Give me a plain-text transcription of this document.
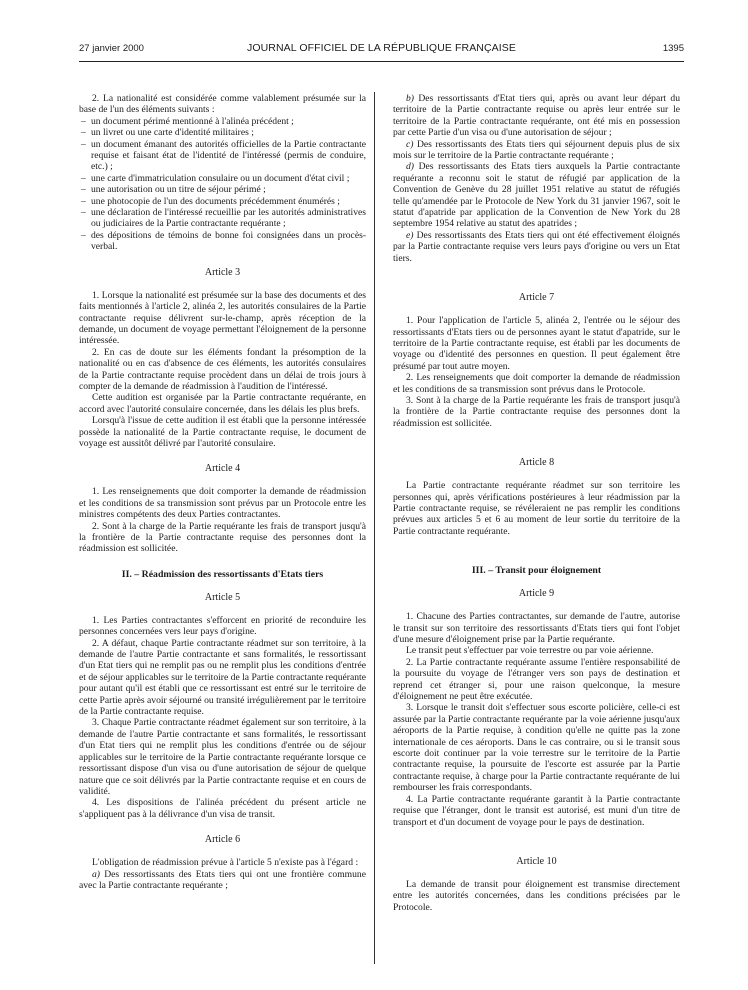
27 janvier 2000	JOURNAL OFFICIEL DE LA RÉPUBLIQUE FRANÇAISE	1395

2. La nationalité est considérée comme valablement présumée sur la base de l'un des éléments suivants :

– un document périmé mentionné à l'alinéa précédent ;

– un livret ou une carte d'identité militaires ;

– un document émanant des autorités officielles de la Partie contractante requise et faisant état de l'identité de l'intéressé (permis de conduire, etc.) ;

– une carte d'immatriculation consulaire ou un document d'état civil ;

– une autorisation ou un titre de séjour périmé ;

– une photocopie de l'un des documents précédemment énumérés ;

– une déclaration de l'intéressé recueillie par les autorités administratives ou judiciaires de la Partie contractante requérante ;

– des dépositions de témoins de bonne foi consignées dans un procès-verbal.

Article 3

1. Lorsque la nationalité est présumée sur la base des documents et des faits mentionnés à l'article 2, alinéa 2, les autorités consulaires de la Partie contractante requise délivrent sur-le-champ, après réception de la demande, un document de voyage permettant l'éloignement de la personne intéressée.

2. En cas de doute sur les éléments fondant la présomption de la nationalité ou en cas d'absence de ces éléments, les autorités consulaires de la Partie contractante requise procèdent dans un délai de trois jours à compter de la demande de réadmission à l'audition de l'intéressé.

Cette audition est organisée par la Partie contractante requérante, en accord avec l'autorité consulaire concernée, dans les délais les plus brefs.

Lorsqu'à l'issue de cette audition il est établi que la personne intéressée possède la nationalité de la Partie contractante requise, le document de voyage est aussitôt délivré par l'autorité consulaire.

Article 4

1. Les renseignements que doit comporter la demande de réadmission et les conditions de sa transmission sont prévus par un Protocole entre les ministres compétents des deux Parties contractantes.

2. Sont à la charge de la Partie requérante les frais de transport jusqu'à la frontière de la Partie contractante requise des personnes dont la réadmission est sollicitée.

II. – Réadmission des ressortissants d'Etats tiers
Article 5

1. Les Parties contractantes s'efforcent en priorité de reconduire les personnes concernées vers leur pays d'origine.

2. A défaut, chaque Partie contractante réadmet sur son territoire, à la demande de l'autre Partie contractante et sans formalités, le ressortissant d'un Etat tiers qui ne remplit pas ou ne remplit plus les conditions d'entrée et de séjour applicables sur le territoire de la Partie contractante requérante pour autant qu'il est établi que ce ressortissant est entré sur le territoire de cette Partie après avoir séjourné ou transité irrégulièrement par le territoire de la Partie contractante requise.

3. Chaque Partie contractante réadmet également sur son territoire, à la demande de l'autre Partie contractante et sans formalités, le ressortissant d'un Etat tiers qui ne remplit plus les conditions d'entrée ou de séjour applicables sur le territoire de la Partie contractante requérante lorsque ce ressortissant dispose d'un visa ou d'une autorisation de séjour de quelque nature que ce soit délivrés par la Partie contractante requise et en cours de validité.

4. Les dispositions de l'alinéa précédent du présent article ne s'appliquent pas à la délivrance d'un visa de transit.

Article 6

L'obligation de réadmission prévue à l'article 5 n'existe pas à l'égard :

a) Des ressortissants des Etats tiers qui ont une frontière commune avec la Partie contractante requérante ;

b) Des ressortissants d'Etat tiers qui, après ou avant leur départ du territoire de la Partie contractante requise ou après leur entrée sur le territoire de la Partie contractante requérante, ont été mis en possession par cette Partie d'un visa ou d'une autorisation de séjour ;

c) Des ressortissants des Etats tiers qui séjournent depuis plus de six mois sur le territoire de la Partie contractante requérante ;

d) Des ressortissants des Etats tiers auxquels la Partie contractante requérante a reconnu soit le statut de réfugié par application de la Convention de Genève du 28 juillet 1951 relative au statut de réfugiés telle qu'amendée par le Protocole de New York du 31 janvier 1967, soit le statut d'apatride par application de la Convention de New York du 28 septembre 1954 relative au statut des apatrides ;

e) Des ressortissants des Etats tiers qui ont été effectivement éloignés par la Partie contractante requise vers leurs pays d'origine ou vers un Etat tiers.

Article 7

1. Pour l'application de l'article 5, alinéa 2, l'entrée ou le séjour des ressortissants d'Etats tiers ou de personnes ayant le statut d'apatride, sur le territoire de la Partie contractante requise, est établi par les documents de voyage ou d'identité des personnes en question. Il peut également être présumé par tout autre moyen.

2. Les renseignements que doit comporter la demande de réadmission et les conditions de sa transmission sont prévus dans le Protocole.

3. Sont à la charge de la Partie requérante les frais de transport jusqu'à la frontière de la Partie contractante requise des personnes dont la réadmission est sollicitée.

Article 8

La Partie contractante requérante réadmet sur son territoire les personnes qui, après vérifications postérieures à leur réadmission par la Partie contractante requise, se révéleraient ne pas remplir les conditions prévues aux articles 5 et 6 au moment de leur sortie du territoire de la Partie contractante requérante.

III. – Transit pour éloignement
Article 9

1. Chacune des Parties contractantes, sur demande de l'autre, autorise le transit sur son territoire des ressortissants d'Etats tiers qui font l'objet d'une mesure d'éloignement prise par la Partie requérante.

Le transit peut s'effectuer par voie terrestre ou par voie aérienne.

2. La Partie contractante requérante assume l'entière responsabilité de la poursuite du voyage de l'étranger vers son pays de destination et reprend cet étranger si, pour une raison quelconque, la mesure d'éloignement ne peut être exécutée.

3. Lorsque le transit doit s'effectuer sous escorte policière, celle-ci est assurée par la Partie contractante requérante par la voie aérienne jusqu'aux aéroports de la Partie requise, à condition qu'elle ne quitte pas la zone internationale de ces aéroports. Dans le cas contraire, ou si le transit sous escorte doit continuer par la voie terrestre sur le territoire de la Partie contractante requise, la poursuite de l'escorte est assurée par la Partie contractante requise, à charge pour la Partie contractante requérante de lui rembourser les frais correspondants.

4. La Partie contractante requérante garantit à la Partie contractante requise que l'étranger, dont le transit est autorisé, est muni d'un titre de transport et d'un document de voyage pour le pays de destination.

Article 10

La demande de transit pour éloignement est transmise directement entre les autorités concernées, dans les conditions précisées par le Protocole.
